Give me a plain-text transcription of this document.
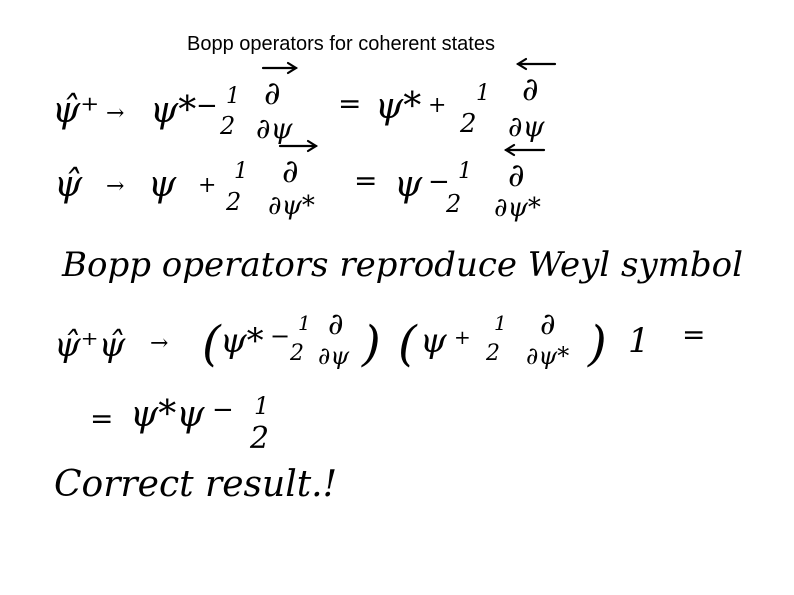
Bopp operators for coherent states
ψ̂⁺ → ψ* − 1
2
∂
∂ψ
= ψ* + 1
2
∂
∂ψ
ψ̂ → ψ +
1
2
∂
∂ψ*
= ψ − 1
2
∂
∂ψ*
Bopp operators reproduce Weyl symbol
ψ̂⁺ψ̂ → ( ψ* − 1
2
∂
∂ψ ) ( ψ +
1
2
∂
∂ψ* ) 1 =
= ψ*ψ − 1
2
Correct result.!
